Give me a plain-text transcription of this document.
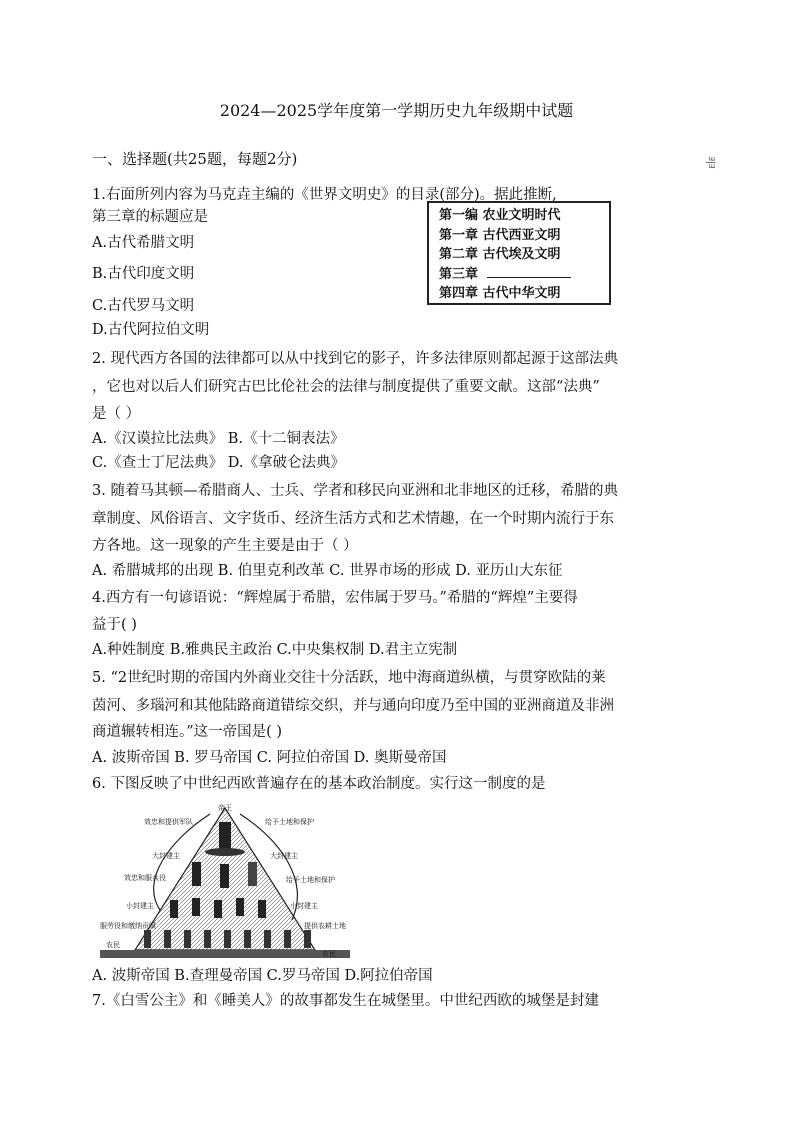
2024—2025学年度第一学期历史九年级期中试题
一、选择题(共25题，每题2分)	ﾖ|ﾖ
1.右面所列内容为马克垚主编的《世界文明史》的目录(部分)。据此推断,
第三章的标题应是
A.古代希腊文明
B.古代印度文明
C.古代罗马文明
D.古代阿拉伯文明
第一编 农业文明时代
第一章 古代西亚文明
第二章 古代埃及文明
第三章
第四章 古代中华文明
2. 现代西方各国的法律都可以从中找到它的影子，许多法律原则都起源于这部法典
，它也对以后人们研究古巴比伦社会的法律与制度提供了重要文献。这部“法典”
是（ ）
A.《汉谟拉比法典》 B.《十二铜表法》
C.《查士丁尼法典》 D.《拿破仑法典》
3. 随着马其顿—希腊商人、士兵、学者和移民向亚洲和北非地区的迁移，希腊的典
章制度、风俗语言、文字货币、经济生活方式和艺术情趣，在一个时期内流行于东
方各地。这一现象的产生主要是由于（ ）
A. 希腊城邦的出现 B. 伯里克利改革 C. 世界市场的形成 D. 亚历山大东征
4.西方有一句谚语说：“辉煌属于希腊，宏伟属于罗马。”希腊的“辉煌”主要得
益于( )
A.种姓制度 B.雅典民主政治 C.中央集权制 D.君主立宪制
5. “2世纪时期的帝国内外商业交往十分活跃，地中海商道纵横，与贯穿欧陆的莱
茵河、多瑙河和其他陆路商道错综交织，并与通向印度乃至中国的亚洲商道及非洲
商道辗转相连。”这一帝国是( )
A. 波斯帝国 B. 罗马帝国 C. 阿拉伯帝国 D. 奥斯曼帝国
6. 下图反映了中世纪西欧普遍存在的基本政治制度。实行这一制度的是
帝王
效忠和提供军队
大封建主
效忠和服兵役
小封建主
服劳役和缴纳贡赋
农民
给予土地和保护
大封建主
给予土地和保护
小封建主
提供农耕土地
农民
A. 波斯帝国 B.查理曼帝国 C.罗马帝国 D.阿拉伯帝国
7.《白雪公主》和《睡美人》的故事都发生在城堡里。中世纪西欧的城堡是封建
